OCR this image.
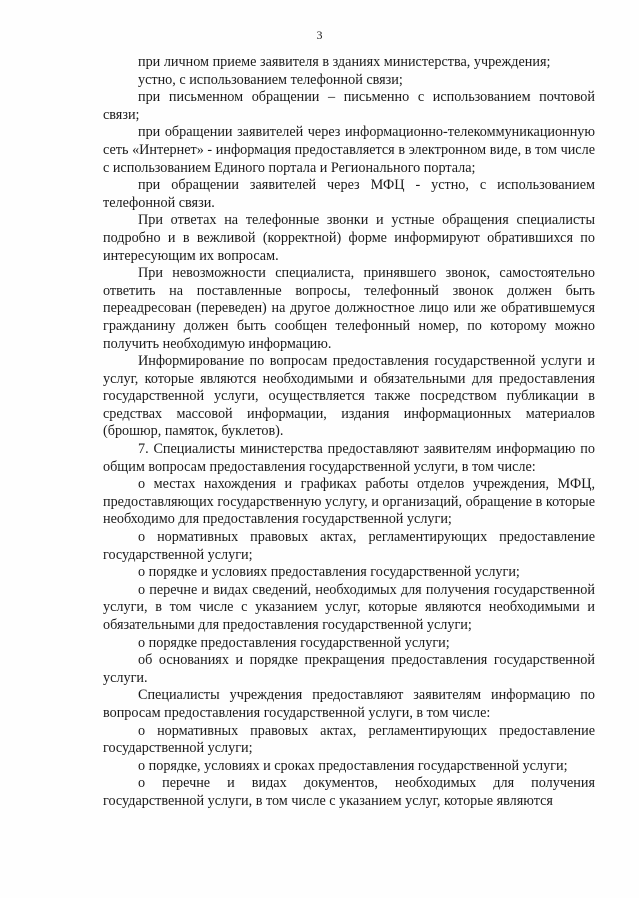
3

при личном приеме заявителя в зданиях министерства, учреждения;

устно, с использованием телефонной связи;

при письменном обращении – письменно с использованием почтовой связи;

при обращении заявителей через информационно-телекоммуникационную сеть «Интернет» - информация предоставляется в электронном виде, в том числе с использованием Единого портала и Регионального портала;

при обращении заявителей через МФЦ - устно, с использованием телефонной связи.

При ответах на телефонные звонки и устные обращения специалисты подробно и в вежливой (корректной) форме информируют обратившихся по интересующим их вопросам.

При невозможности специалиста, принявшего звонок, самостоятельно ответить на поставленные вопросы, телефонный звонок должен быть переадресован (переведен) на другое должностное лицо или же обратившемуся гражданину должен быть сообщен телефонный номер, по которому можно получить необходимую информацию.

Информирование по вопросам предоставления государственной услуги и услуг, которые являются необходимыми и обязательными для предоставления государственной услуги, осуществляется также посредством публикации в средствах массовой информации, издания информационных материалов (брошюр, памяток, буклетов).

7. Специалисты министерства предоставляют заявителям информацию по общим вопросам предоставления государственной услуги, в том числе:

о местах нахождения и графиках работы отделов учреждения, МФЦ, предоставляющих государственную услугу, и организаций, обращение в которые необходимо для предоставления государственной услуги;

о нормативных правовых актах, регламентирующих предоставление государственной услуги;

о порядке и условиях предоставления государственной услуги;

о перечне и видах сведений, необходимых для получения государственной услуги, в том числе с указанием услуг, которые являются необходимыми и обязательными для предоставления государственной услуги;

о порядке предоставления государственной услуги;

об основаниях и порядке прекращения предоставления государственной услуги.

Специалисты учреждения предоставляют заявителям информацию по вопросам предоставления государственной услуги, в том числе:

о нормативных правовых актах, регламентирующих предоставление государственной услуги;

о порядке, условиях и сроках предоставления государственной услуги;

о перечне и видах документов, необходимых для получения государственной услуги, в том числе с указанием услуг, которые являются
